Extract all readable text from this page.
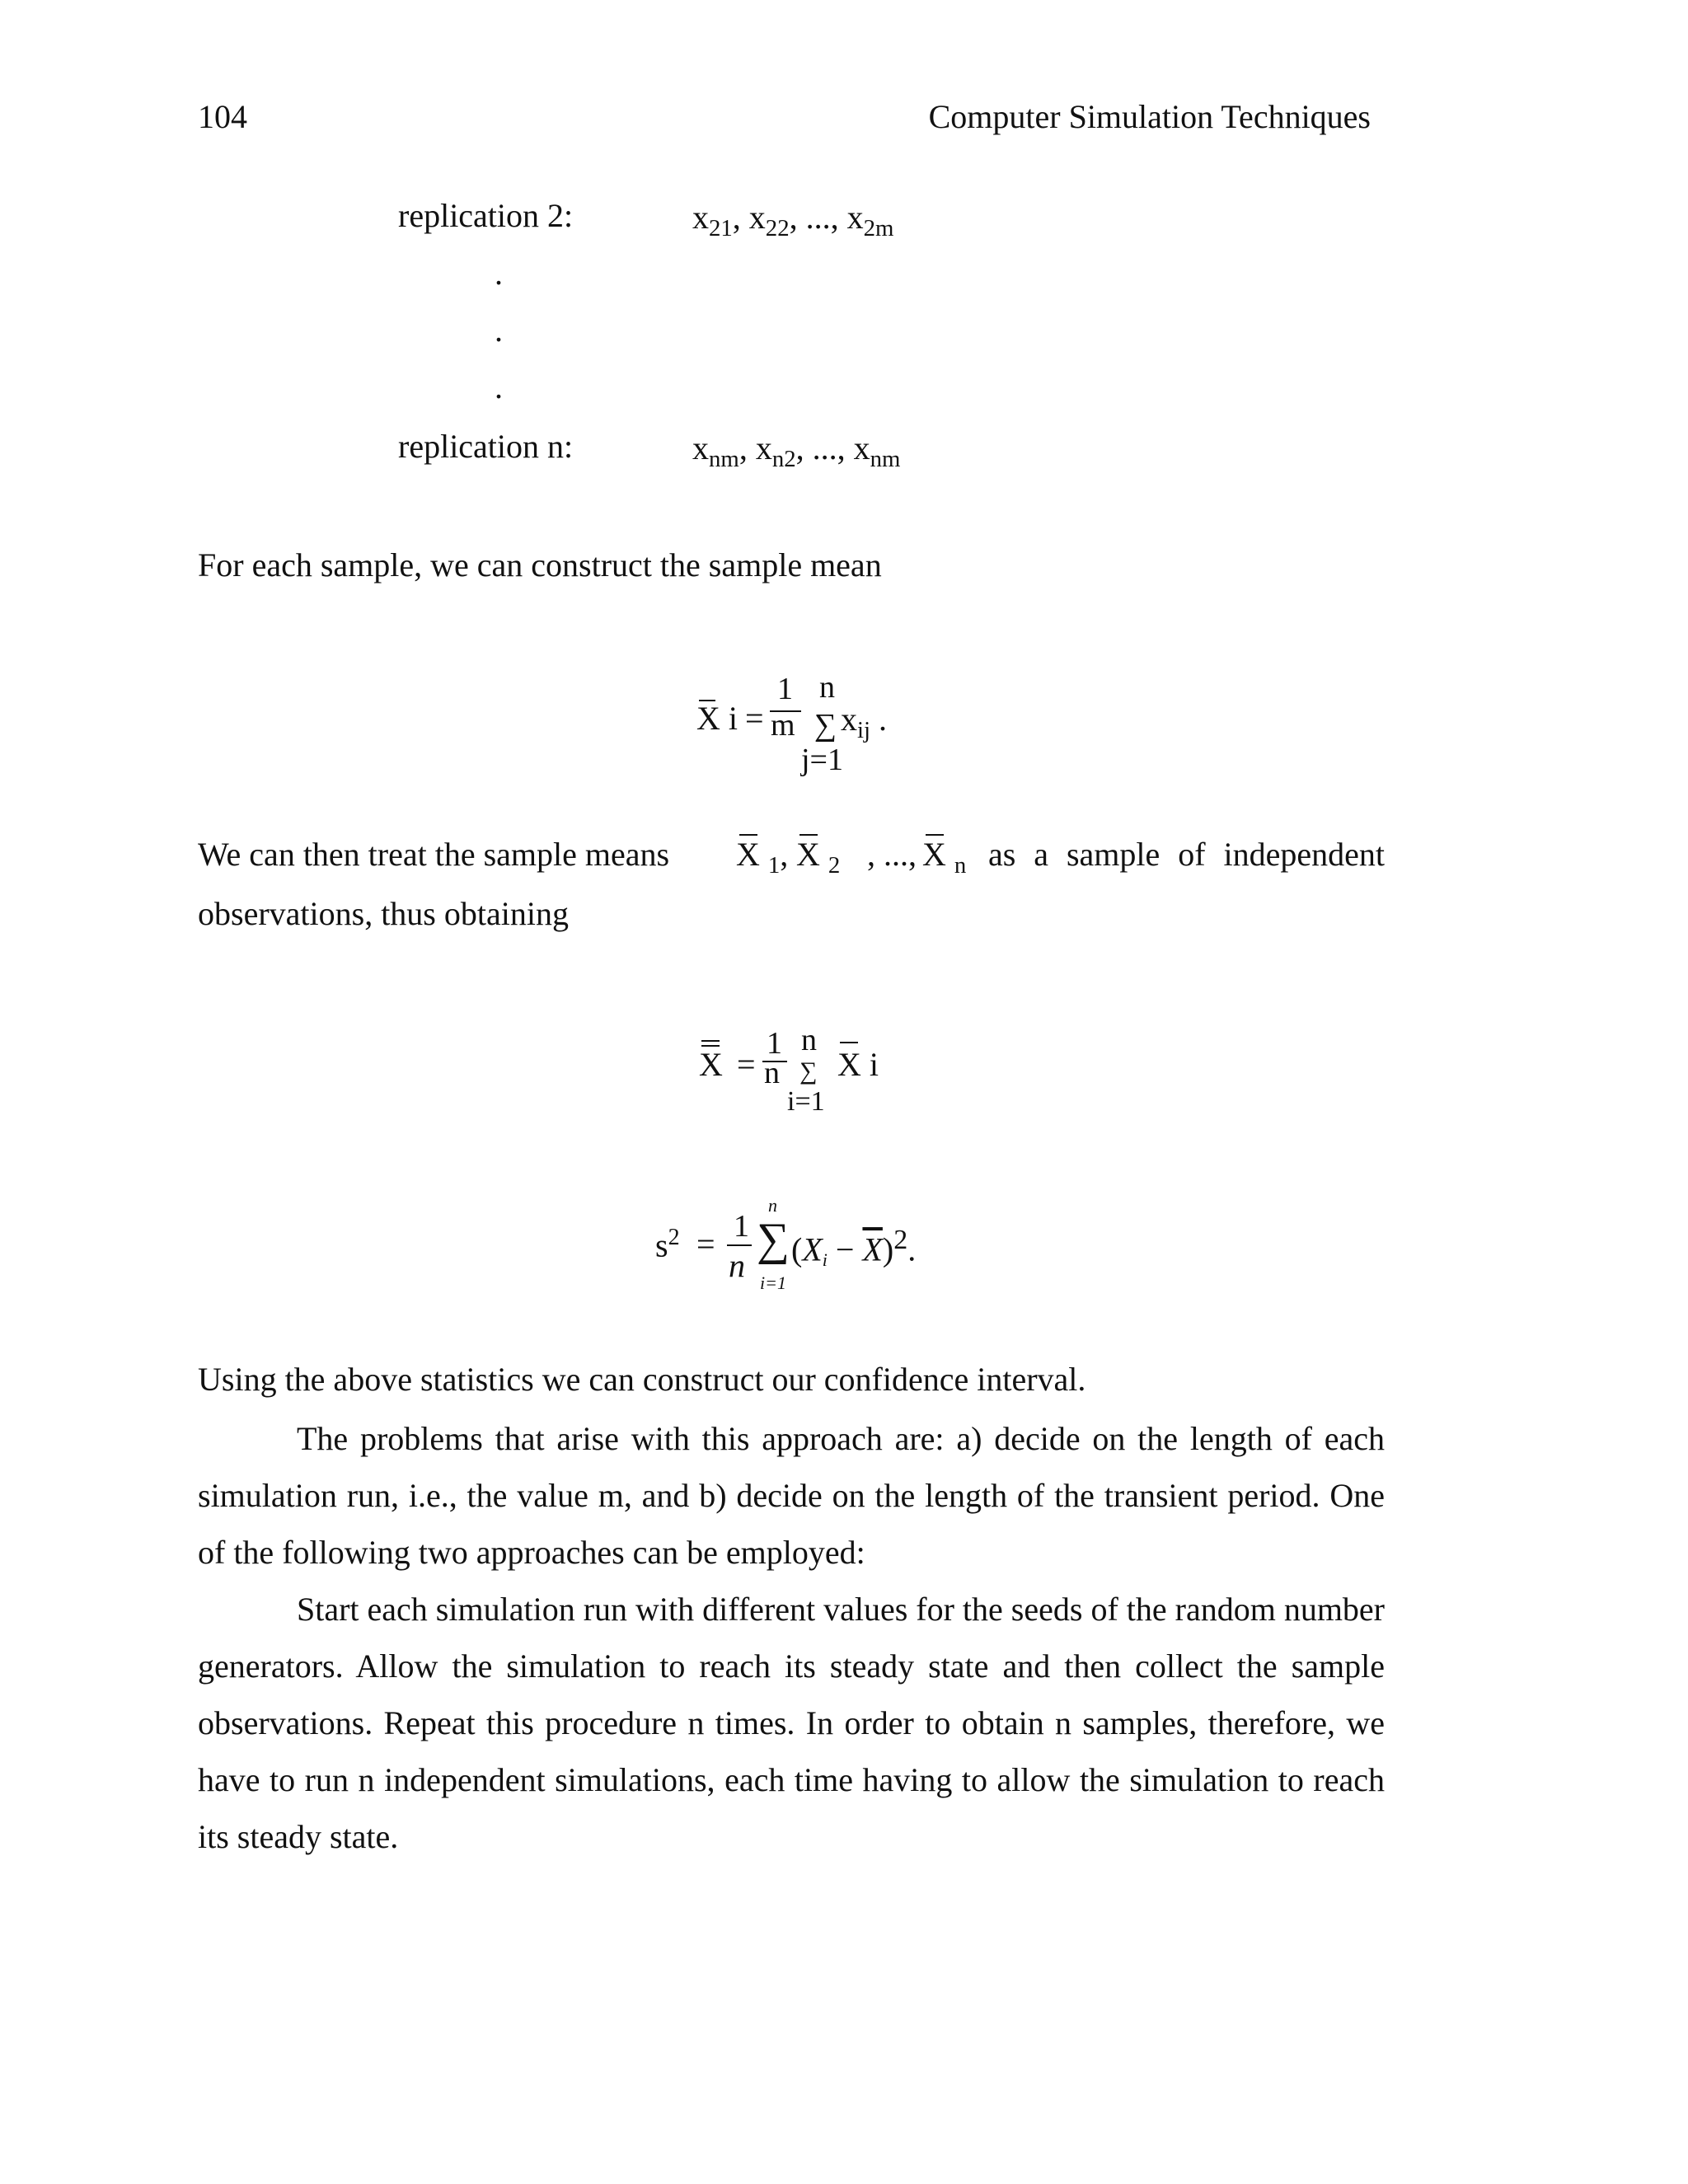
104	Computer Simulation Techniques
replication 2:	$x_{21}$, $x_{22}$, ..., $x_{2m}$
.
.
.
replication n:	$x_{nm}$, $x_{n2}$, ..., $x_{nm}$
For each sample, we can construct the sample mean
X i =
1
m
n
∑ $x_{ij}$ .
j=1
We can then treat the sample means X $_1$, X $_2$ , ..., X $_n$ as a sample of independent
observations, thus obtaining
X =
1
n
n
∑ X i
i=1
$s^2 = 1$
n
n
∑
i=1
$(Xi - \overline{X})^2$.
Using the above statistics we can construct our confidence interval.
The problems that arise with this approach are: a) decide on the length of each simulation run, i.e., the value m, and b) decide on the length of the transient period. One of the following two approaches can be employed:
Start each simulation run with different values for the seeds of the random number generators. Allow the simulation to reach its steady state and then collect the sample observations. Repeat this procedure n times. In order to obtain n samples, therefore, we have to run n independent simulations, each time having to allow the simulation to reach its steady state.
